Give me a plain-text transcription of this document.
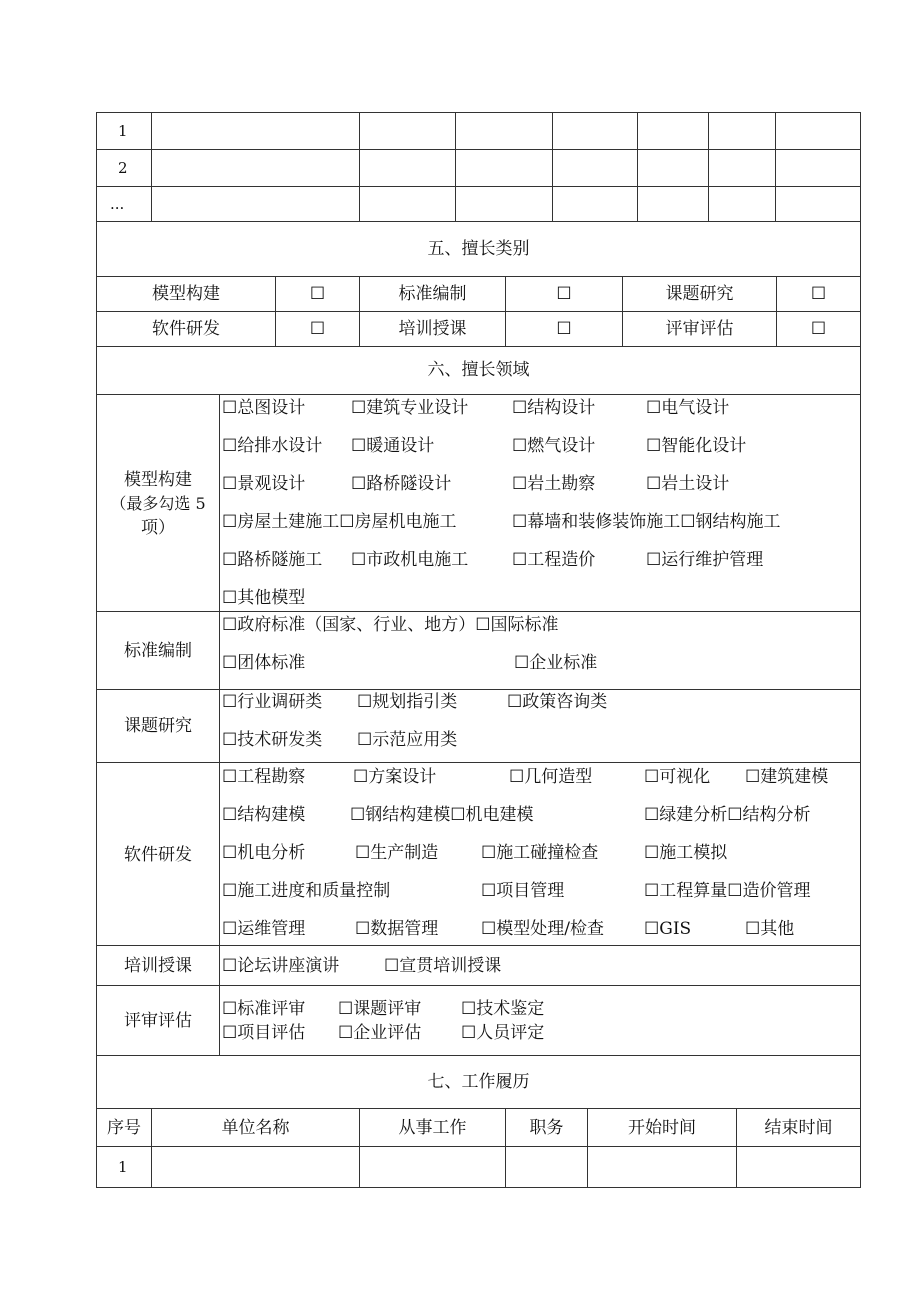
1
2
...
五、擅长类别
模型构建	☐	标准编制	☐	课题研究	☐
软件研发	☐	培训授课	☐	评审评估	☐
六、擅长领域
模型构建
（最多勾选 5
项）
☐总图设计	☐建筑专业设计	☐结构设计	☐电气设计
☐给排水设计 ☐暖通设计	☐燃气设计	☐智能化设计
☐景观设计	☐路桥隧设计	☐岩土勘察	☐岩土设计
☐房屋土建施工☐房屋机电施工	☐幕墙和装修装饰施工☐钢结构施工
☐路桥隧施工 ☐市政机电施工	☐工程造价	☐运行维护管理
☐其他模型
标准编制
☐政府标准（国家、行业、地方）☐国际标准
☐团体标准	☐企业标准
课题研究
☐行业调研类 ☐规划指引类	☐政策咨询类
☐技术研发类 ☐示范应用类
软件研发
☐工程勘察	☐方案设计	☐几何造型	☐可视化 ☐建筑建模
☐结构建模	☐钢结构建模☐机电建模	☐绿建分析☐结构分析
☐机电分析	☐生产制造	☐施工碰撞检查	☐施工模拟
☐施工进度和质量控制	☐项目管理	☐工程算量☐造价管理
☐运维管理	☐数据管理	☐模型处理/检查 ☐GIS	☐其他
培训授课	☐论坛讲座演讲	☐宣贯培训授课
评审评估
☐标准评审 ☐课题评审 ☐技术鉴定
☐项目评估 ☐企业评估 ☐人员评定
七、工作履历
序号	单位名称	从事工作	职务	开始时间	结束时间
1
